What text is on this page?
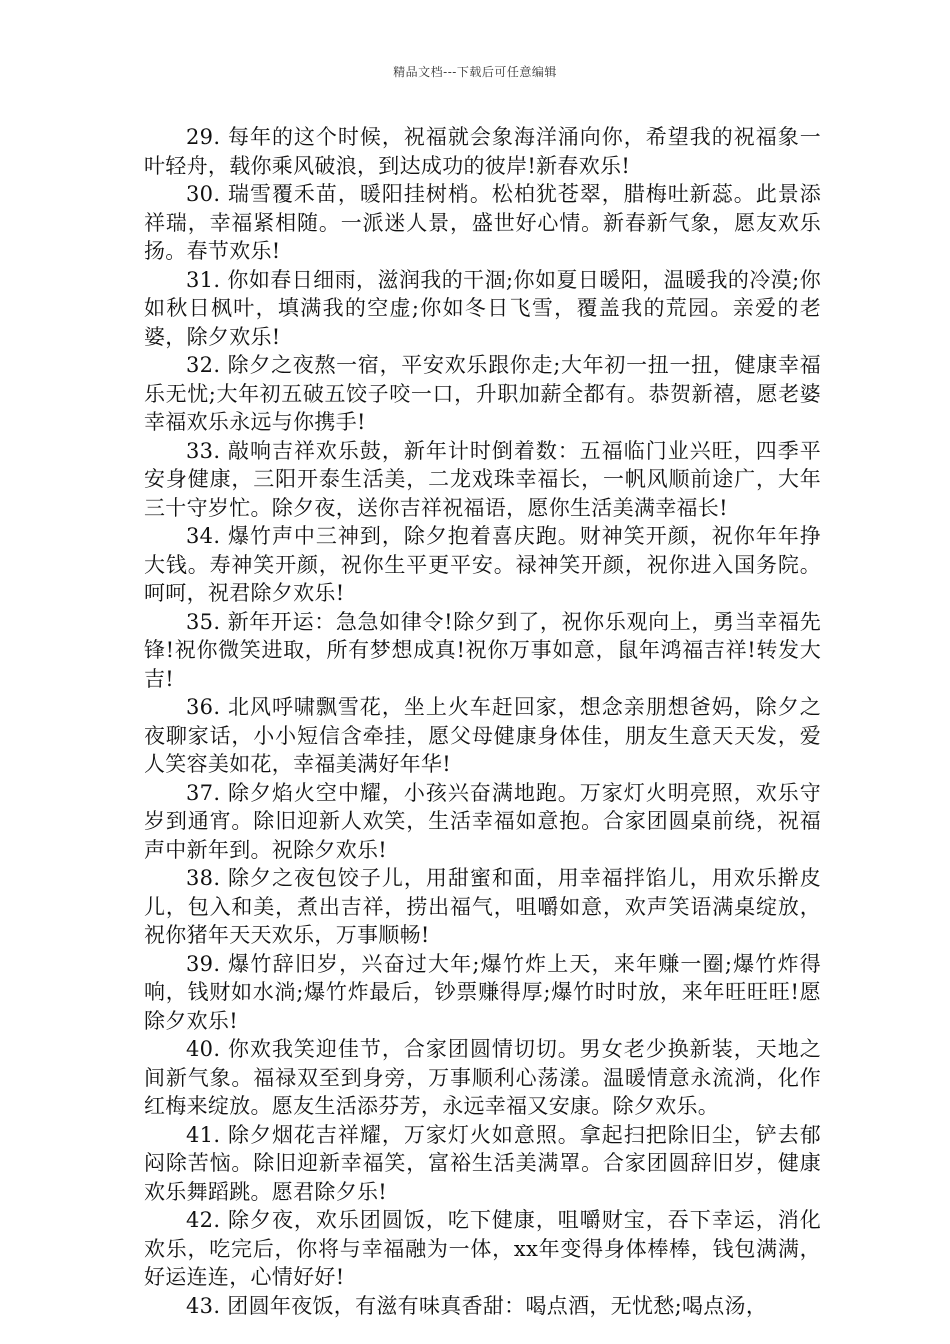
精品文档---下载后可任意编辑

29. 每年的这个时候，祝福就会象海洋涌向你，希望我的祝福象一叶轻舟，载你乘风破浪，到达成功的彼岸!新春欢乐!

30. 瑞雪覆禾苗，暖阳挂树梢。松柏犹苍翠，腊梅吐新蕊。此景添祥瑞，幸福紧相随。一派迷人景，盛世好心情。新春新气象，愿友欢乐扬。春节欢乐!

31. 你如春日细雨，滋润我的干涸;你如夏日暖阳，温暖我的冷漠;你如秋日枫叶，填满我的空虚;你如冬日飞雪，覆盖我的荒园。亲爱的老婆，除夕欢乐!

32. 除夕之夜熬一宿，平安欢乐跟你走;大年初一扭一扭，健康幸福乐无忧;大年初五破五饺子咬一口，升职加薪全都有。恭贺新禧，愿老婆幸福欢乐永远与你携手!

33. 敲响吉祥欢乐鼓，新年计时倒着数：五福临门业兴旺，四季平安身健康，三阳开泰生活美，二龙戏珠幸福长，一帆风顺前途广，大年三十守岁忙。除夕夜，送你吉祥祝福语，愿你生活美满幸福长!

34. 爆竹声中三神到，除夕抱着喜庆跑。财神笑开颜，祝你年年挣大钱。寿神笑开颜，祝你生平更平安。禄神笑开颜，祝你进入国务院。呵呵，祝君除夕欢乐!

35. 新年开运：急急如律令!除夕到了，祝你乐观向上，勇当幸福先锋!祝你微笑进取，所有梦想成真!祝你万事如意，鼠年鸿福吉祥!转发大吉!

36. 北风呼啸飘雪花，坐上火车赶回家，想念亲朋想爸妈，除夕之夜聊家话，小小短信含牵挂，愿父母健康身体佳，朋友生意天天发，爱人笑容美如花，幸福美满好年华!

37. 除夕焰火空中耀，小孩兴奋满地跑。万家灯火明亮照，欢乐守岁到通宵。除旧迎新人欢笑，生活幸福如意抱。合家团圆桌前绕，祝福声中新年到。祝除夕欢乐!

38. 除夕之夜包饺子儿，用甜蜜和面，用幸福拌馅儿，用欢乐擀皮儿，包入和美，煮出吉祥，捞出福气，咀嚼如意，欢声笑语满桌绽放，祝你猪年天天欢乐，万事顺畅!

39. 爆竹辞旧岁，兴奋过大年;爆竹炸上天，来年赚一圈;爆竹炸得响，钱财如水淌;爆竹炸最后，钞票赚得厚;爆竹时时放，来年旺旺旺!愿除夕欢乐!

40. 你欢我笑迎佳节，合家团圆情切切。男女老少换新装，天地之间新气象。福禄双至到身旁，万事顺利心荡漾。温暖情意永流淌，化作红梅来绽放。愿友生活添芬芳，永远幸福又安康。除夕欢乐。

41. 除夕烟花吉祥耀，万家灯火如意照。拿起扫把除旧尘，铲去郁闷除苦恼。除旧迎新幸福笑，富裕生活美满罩。合家团圆辞旧岁，健康欢乐舞蹈跳。愿君除夕乐!

42. 除夕夜，欢乐团圆饭，吃下健康，咀嚼财宝，吞下幸运，消化欢乐，吃完后，你将与幸福融为一体，xx年变得身体棒棒，钱包满满，好运连连，心情好好!

43. 团圆年夜饭，有滋有味真香甜：喝点酒，无忧愁;喝点汤，
